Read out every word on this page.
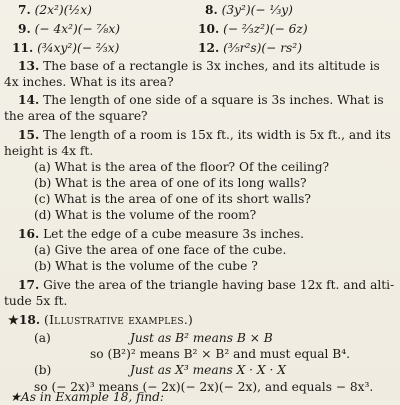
7. (2x²)(½x)	8. (3y²)(− ⅓y)
9. (− 4x²)(− ⅞x)	10. (− ⅔z²)(− 6z)
11. (¾xy²)(− ⅔x)	12. (⅗r²s)(− rs²)
13. The base of a rectangle is 3x inches, and its altitude is
4x inches. What is its area?
14. The length of one side of a square is 3s inches. What is
the area of the square?
15. The length of a room is 15x ft., its width is 5x ft., and its
height is 4x ft.
(a) What is the area of the floor? Of the ceiling?
(b) What is the area of one of its long walls?
(c) What is the area of one of its short walls?
(d) What is the volume of the room?
16. Let the edge of a cube measure 3s inches.
(a) Give the area of one face of the cube.
(b) What is the volume of the cube ?
17. Give the area of the triangle having base 12x ft. and alti-
tude 5x ft.
★18. (Illustrative examples.)
(a)	Just as B² means B × B
so (B²)² means B² × B² and must equal B⁴.
(b)	Just as X³ means X · X · X
so (− 2x)³ means (− 2x)(− 2x)(− 2x), and equals − 8x³.
★As in Example 18, find:
